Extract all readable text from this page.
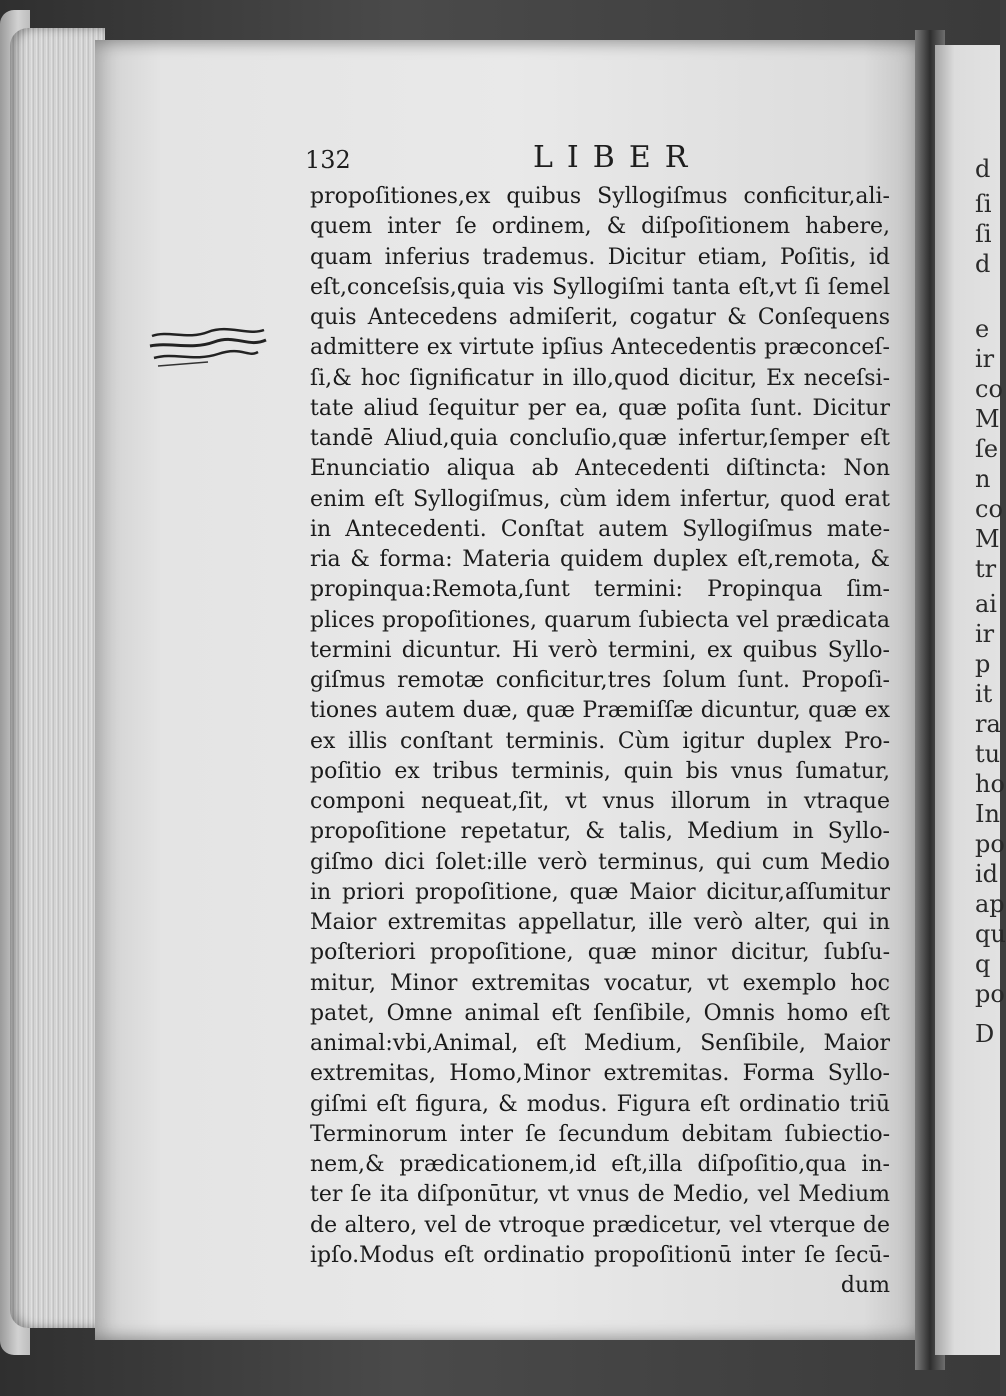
132	LIBER
propoſitiones,ex quibus Syllogiſmus conficitur,ali-
quem inter ſe ordinem, & diſpoſitionem habere,
quam inferius trademus. Dicitur etiam, Poſitis, id
eſt,conceſsis,quia vis Syllogiſmi tanta eſt,vt ſi ſemel
quis Antecedens admiſerit, cogatur & Conſequens
admittere ex virtute ipſius Antecedentis præconceſ-
ſi,& hoc ſignificatur in illo,quod dicitur, Ex neceſsi-
tate aliud ſequitur per ea, quæ poſita ſunt. Dicitur
tandē Aliud,quia concluſio,quæ infertur,ſemper eſt
Enunciatio aliqua ab Antecedenti diſtincta: Non
enim eſt Syllogiſmus, cùm idem infertur, quod erat
in Antecedenti. Conſtat autem Syllogiſmus mate-
ria & forma: Materia quidem duplex eſt,remota, &
propinqua:Remota,ſunt termini: Propinqua ſim-
plices propoſitiones, quarum ſubiecta vel prædicata
termini dicuntur. Hi verò termini, ex quibus Syllo-
giſmus remotæ conficitur,tres ſolum ſunt. Propoſi-
tiones autem duæ, quæ Præmiſſæ dicuntur, quæ ex
ex illis conſtant terminis. Cùm igitur duplex Pro-
poſitio ex tribus terminis, quin bis vnus ſumatur,
componi nequeat,ſit, vt vnus illorum in vtraque
propoſitione repetatur, & talis, Medium in Syllo-
giſmo dici ſolet:ille verò terminus, qui cum Medio
in priori propoſitione, quæ Maior dicitur,aſſumitur
Maior extremitas appellatur, ille verò alter, qui in
poſteriori propoſitione, quæ minor dicitur, ſubſu-
mitur, Minor extremitas vocatur, vt exemplo hoc
patet, Omne animal eſt ſenſibile, Omnis homo eſt
animal:vbi,Animal, eſt Medium, Senſibile, Maior
extremitas, Homo,Minor extremitas. Forma Syllo-
giſmi eſt figura, & modus. Figura eſt ordinatio triū
Terminorum inter ſe ſecundum debitam ſubiectio-
nem,& prædicationem,id eſt,illa diſpoſitio,qua in-
ter ſe ita diſponūtur, vt vnus de Medio, vel Medium
de altero, vel de vtroque prædicetur, vel vterque de
ipſo.Modus eſt ordinatio propoſitionū inter ſe ſecū-
dum
d
ſi
ſi
d
e
ir
co
M
ſe
n
co
M
tr
ai
ir
p
it
ra
tu
ho
In
po
id
ap
qu
q
po
D
